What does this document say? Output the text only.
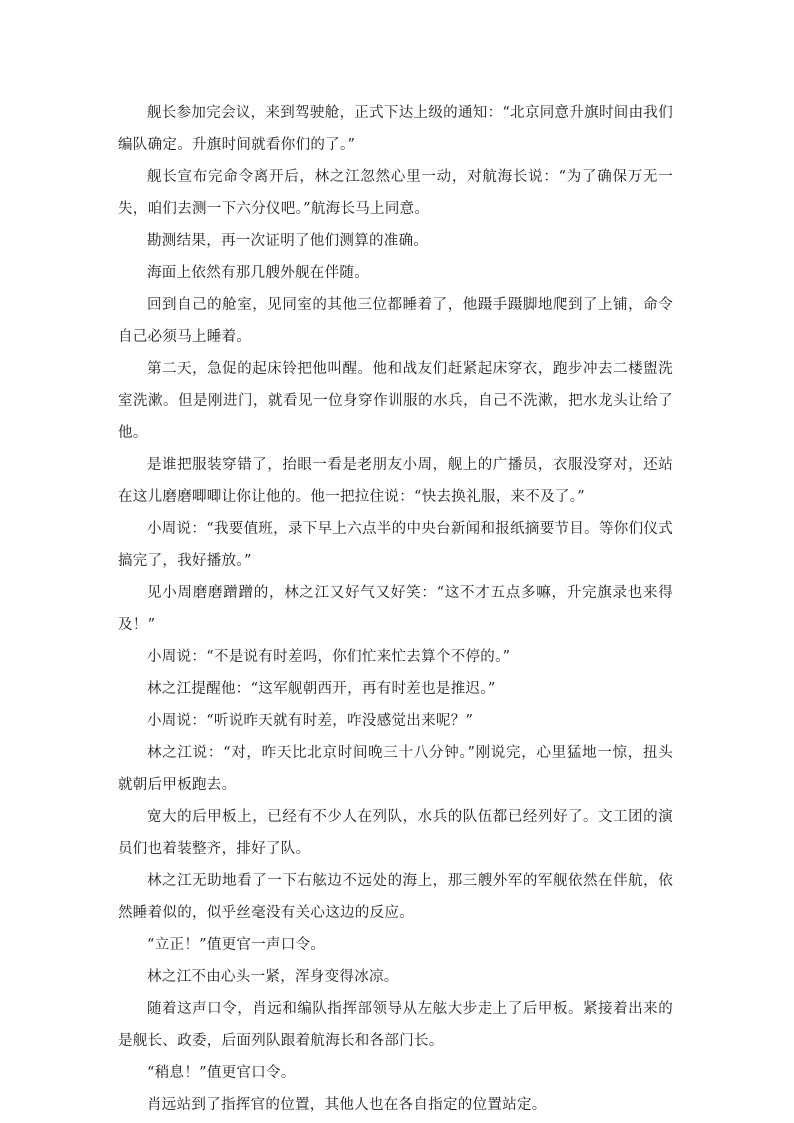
舰长参加完会议，来到驾驶舱，正式下达上级的通知：“北京同意升旗时间由我们编队确定。升旗时间就看你们的了。”

舰长宣布完命令离开后，林之江忽然心里一动，对航海长说：“为了确保万无一失，咱们去测一下六分仪吧。”航海长马上同意。

勘测结果，再一次证明了他们测算的准确。

海面上依然有那几艘外舰在伴随。

回到自己的舱室，见同室的其他三位都睡着了，他蹑手蹑脚地爬到了上铺，命令自己必须马上睡着。

第二天，急促的起床铃把他叫醒。他和战友们赶紧起床穿衣，跑步冲去二楼盥洗室洗漱。但是刚进门，就看见一位身穿作训服的水兵，自己不洗漱，把水龙头让给了他。

是谁把服装穿错了，抬眼一看是老朋友小周，舰上的广播员，衣服没穿对，还站在这儿磨磨唧唧让你让他的。他一把拉住说：“快去换礼服，来不及了。”

小周说：“我要值班，录下早上六点半的中央台新闻和报纸摘要节目。等你们仪式搞完了，我好播放。”

见小周磨磨蹭蹭的，林之江又好气又好笑：“这不才五点多嘛，升完旗录也来得及！”

小周说：“不是说有时差吗，你们忙来忙去算个不停的。”

林之江提醒他：“这军舰朝西开，再有时差也是推迟。”

小周说：“听说昨天就有时差，咋没感觉出来呢？”

林之江说：“对，昨天比北京时间晚三十八分钟。”刚说完，心里猛地一惊，扭头就朝后甲板跑去。

宽大的后甲板上，已经有不少人在列队，水兵的队伍都已经列好了。文工团的演员们也着装整齐，排好了队。

林之江无助地看了一下右舷边不远处的海上，那三艘外军的军舰依然在伴航，依然睡着似的，似乎丝毫没有关心这边的反应。

“立正！”值更官一声口令。

林之江不由心头一紧，浑身变得冰凉。

随着这声口令，肖远和编队指挥部领导从左舷大步走上了后甲板。紧接着出来的是舰长、政委，后面列队跟着航海长和各部门长。

“稍息！”值更官口令。

肖远站到了指挥官的位置，其他人也在各自指定的位置站定。
